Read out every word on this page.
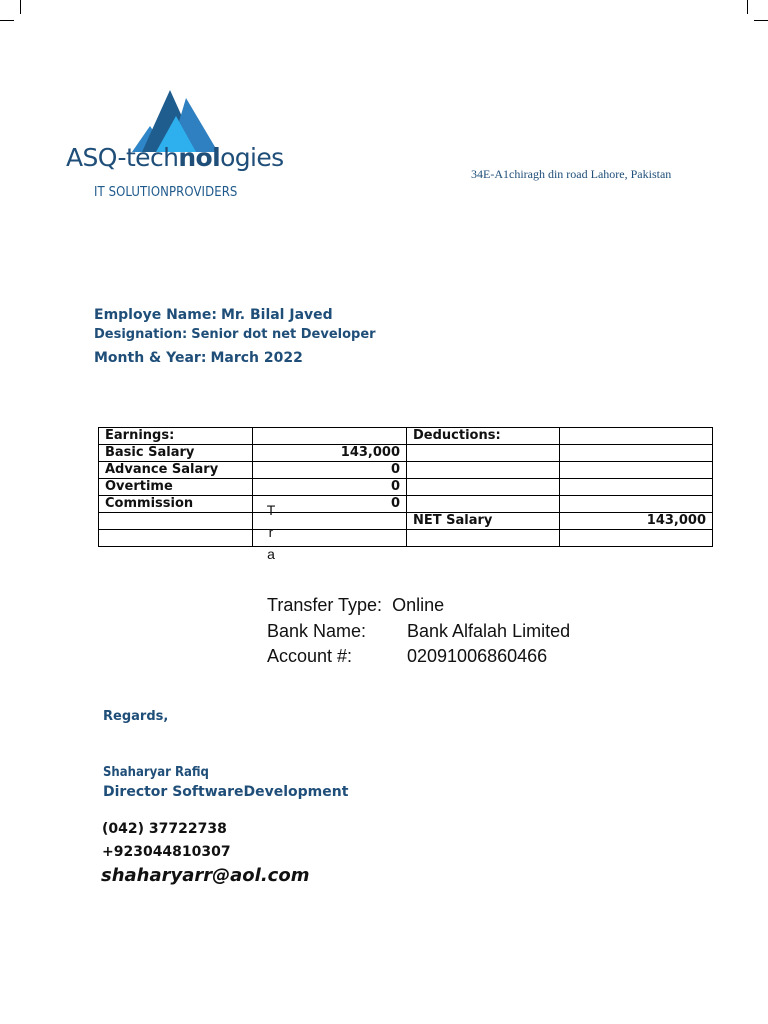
ASQ-technologies
IT SOLUTIONPROVIDERS
34E-A1chiragh din road Lahore, Pakistan
Employe Name: Mr. Bilal Javed
Designation: Senior dot net Developer
Month & Year: March 2022
Earnings:		Deductions:	
Basic Salary	143,000		
Advance Salary	0		
Overtime	0		
Commission	0		
		NET Salary	143,000

T
r
a
Transfer Type: Online
Bank Name: Bank Alfalah Limited
Account #:	02091006860466
Regards,
Shaharyar Rafiq
Director SoftwareDevelopment
(042) 37722738
+923044810307
shaharyarr@aol.com
